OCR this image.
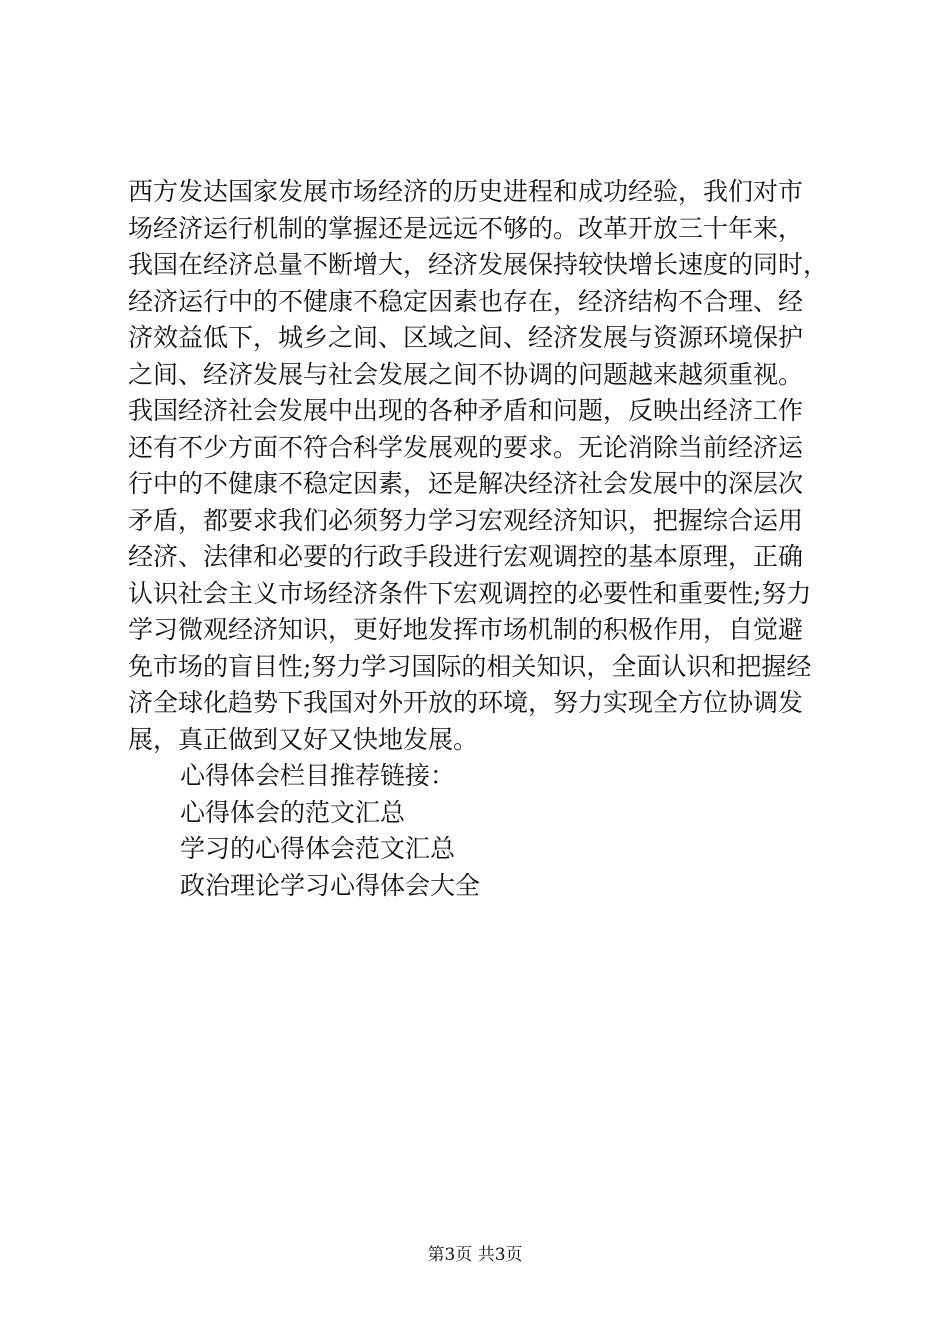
西方发达国家发展市场经济的历史进程和成功经验，我们对市
场经济运行机制的掌握还是远远不够的。改革开放三十年来，
我国在经济总量不断增大，经济发展保持较快增长速度的同时，
经济运行中的不健康不稳定因素也存在，经济结构不合理、经
济效益低下，城乡之间、区域之间、经济发展与资源环境保护
之间、经济发展与社会发展之间不协调的问题越来越须重视。
我国经济社会发展中出现的各种矛盾和问题，反映出经济工作
还有不少方面不符合科学发展观的要求。无论消除当前经济运
行中的不健康不稳定因素，还是解决经济社会发展中的深层次
矛盾，都要求我们必须努力学习宏观经济知识，把握综合运用
经济、法律和必要的行政手段进行宏观调控的基本原理，正确
认识社会主义市场经济条件下宏观调控的必要性和重要性;努力
学习微观经济知识，更好地发挥市场机制的积极作用，自觉避
免市场的盲目性;努力学习国际的相关知识，全面认识和把握经
济全球化趋势下我国对外开放的环境，努力实现全方位协调发
展，真正做到又好又快地发展。
心得体会栏目推荐链接：
心得体会的范文汇总
学习的心得体会范文汇总
政治理论学习心得体会大全
第3页 共3页
